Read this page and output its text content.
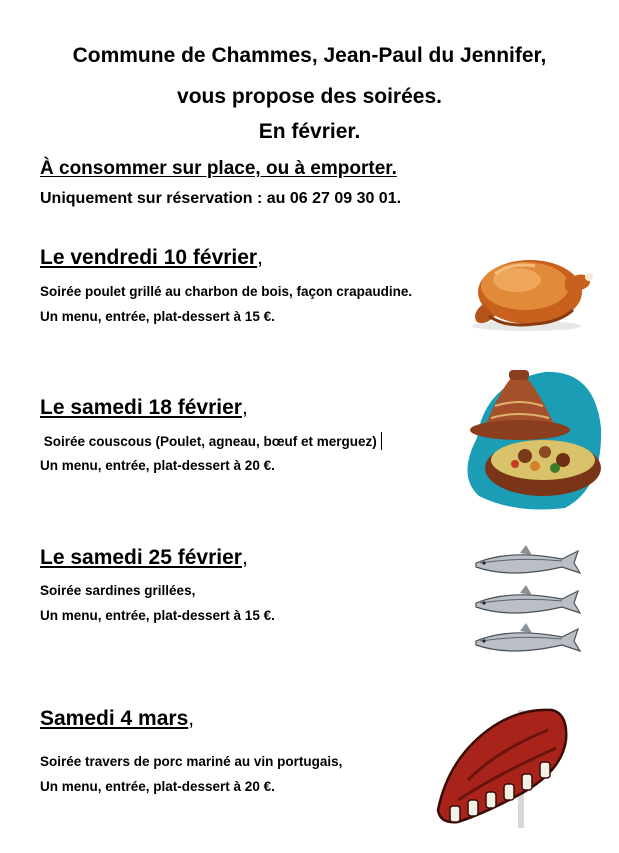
Commune de Chammes, Jean-Paul du Jennifer,
vous propose des soirées.
En février.
À consommer sur place, ou à emporter.
Uniquement sur réservation : au 06 27 09 30 01.
Le vendredi 10 février,
Soirée poulet grillé au charbon de bois, façon crapaudine.
Un menu, entrée, plat-dessert à 15 €.
Le samedi 18 février,
Soirée couscous (Poulet, agneau, bœuf et merguez)
Un menu, entrée, plat-dessert à 20 €.
Le samedi 25 février,
Soirée sardines grillées,
Un menu, entrée, plat-dessert à 15 €.
Samedi 4 mars,
Soirée travers de porc mariné au vin portugais,
Un menu, entrée, plat-dessert à 20 €.
